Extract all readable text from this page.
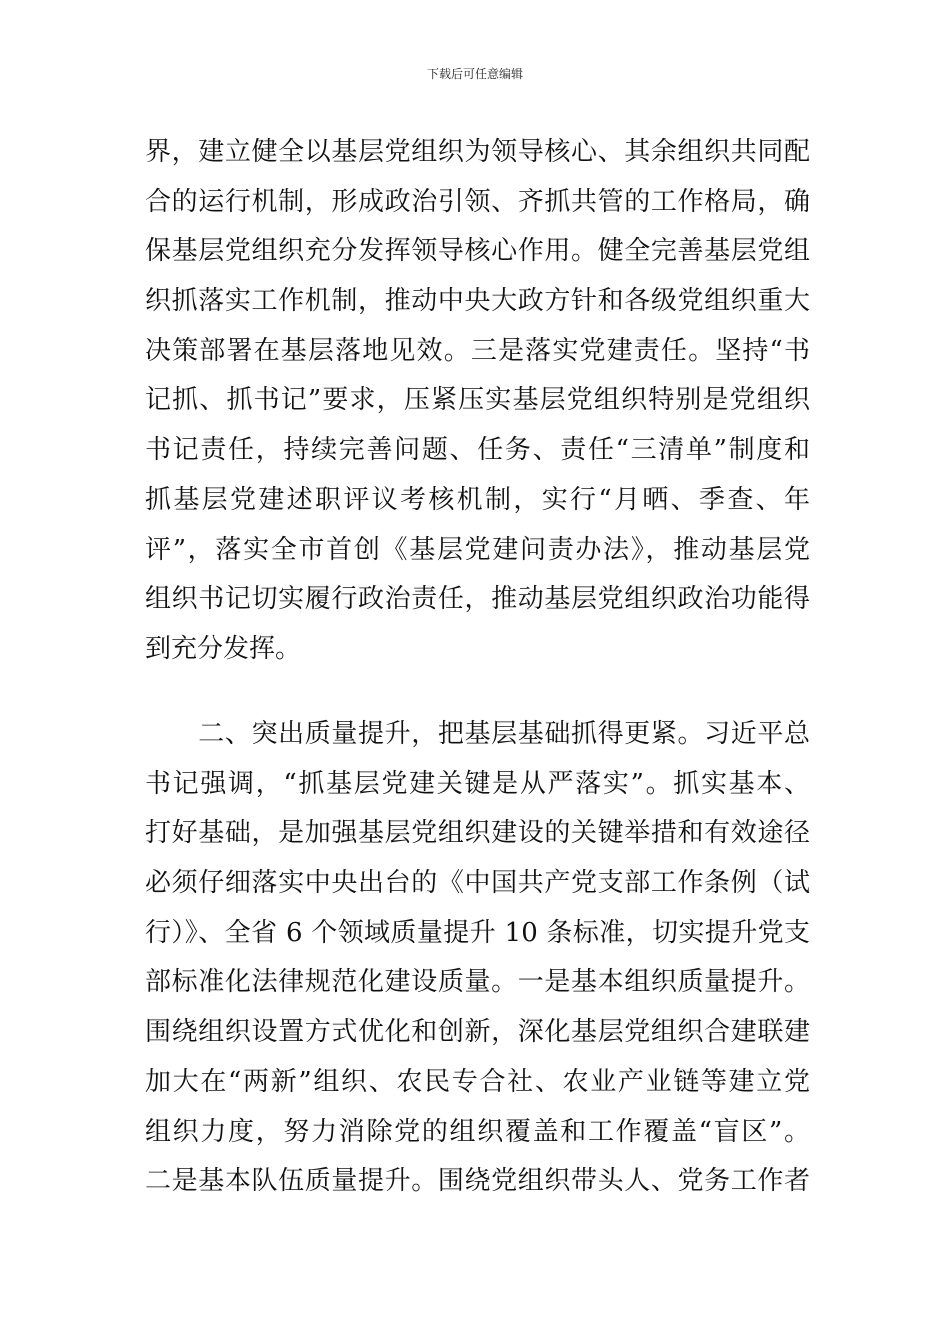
下载后可任意编辑
界，建立健全以基层党组织为领导核心、其余组织共同配
合的运行机制，形成政治引领、齐抓共管的工作格局，确
保基层党组织充分发挥领导核心作用。健全完善基层党组
织抓落实工作机制，推动中央大政方针和各级党组织重大
决策部署在基层落地见效。三是落实党建责任。坚持“书
记抓、抓书记”要求，压紧压实基层党组织特别是党组织
书记责任，持续完善问题、任务、责任“三清单”制度和
抓基层党建述职评议考核机制，实行“月晒、季查、年
评”，落实全市首创《基层党建问责办法》，推动基层党
组织书记切实履行政治责任，推动基层党组织政治功能得
到充分发挥。
　　二、突出质量提升，把基层基础抓得更紧。习近平总
书记强调，“抓基层党建关键是从严落实”。抓实基本、
打好基础，是加强基层党组织建设的关键举措和有效途径
必须仔细落实中央出台的《中国共产党支部工作条例（试
行）》、全省 6 个领域质量提升 10 条标准，切实提升党支
部标准化法律规范化建设质量。一是基本组织质量提升。
围绕组织设置方式优化和创新，深化基层党组织合建联建
加大在“两新”组织、农民专合社、农业产业链等建立党
组织力度，努力消除党的组织覆盖和工作覆盖“盲区”。
二是基本队伍质量提升。围绕党组织带头人、党务工作者
